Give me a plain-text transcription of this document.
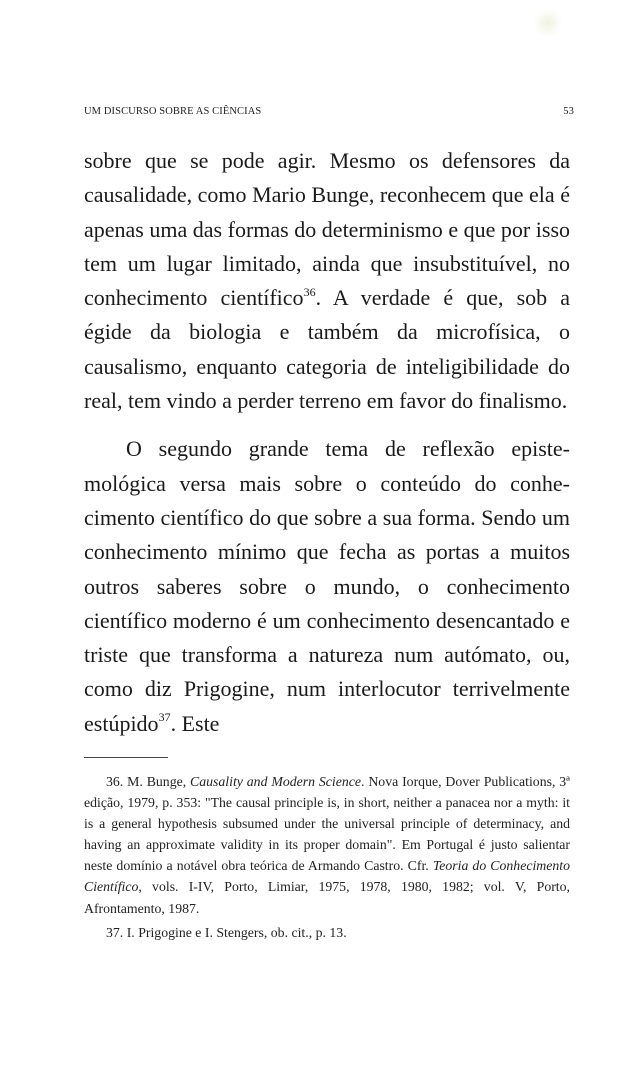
UM DISCURSO SOBRE AS CIÊNCIAS	53

sobre que se pode agir. Mesmo os defensores da causalidade, como Mario Bunge, reconhecem que ela é apenas uma das formas do determinismo e que por isso tem um lugar limitado, ainda que insubstituível, no conhecimento científico$^{36}$. A verdade é que, sob a égide da biologia e também da microfísica, o causalismo, enquanto categoria de inteligibilidade do real, tem vindo a perder terreno em favor do finalismo.

O segundo grande tema de reflexão epistemológica versa mais sobre o conteúdo do conhecimento científico do que sobre a sua forma. Sendo um conhecimento mínimo que fecha as portas a muitos outros saberes sobre o mundo, o conhecimento científico moderno é um conhecimento desencantado e triste que transforma a natureza num autómato, ou, como diz Prigogine, num interlocutor terrivelmente estúpido$^{37}$. Este

36. M. Bunge, Causality and Modern Science. Nova Iorque, Dover Publications, 3ª edição, 1979, p. 353: "The causal principle is, in short, neither a panacea nor a myth: it is a general hypothesis subsumed under the universal principle of determinacy, and having an approximate validity in its proper domain". Em Portugal é justo salientar neste domínio a notável obra teórica de Armando Castro. Cfr. Teoria do Conhecimento Científico, vols. I-IV, Porto, Limiar, 1975, 1978, 1980, 1982; vol. V, Porto, Afrontamento, 1987.

37. I. Prigogine e I. Stengers, ob. cit., p. 13.
